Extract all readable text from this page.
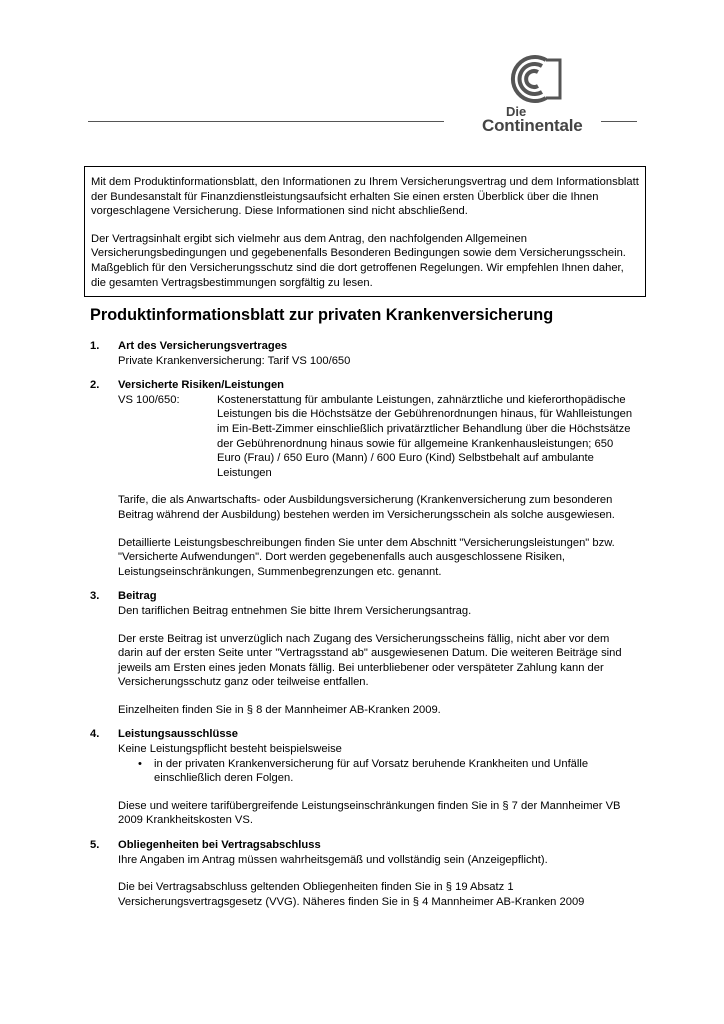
Die
Continentale

Mit dem Produktinformationsblatt, den Informationen zu Ihrem Versicherungsvertrag und dem Informationsblatt der Bundesanstalt für Finanzdienstleistungsaufsicht erhalten Sie einen ersten Überblick über die Ihnen vorgeschlagene Versicherung. Diese Informationen sind nicht abschließend.

Der Vertragsinhalt ergibt sich vielmehr aus dem Antrag, den nachfolgenden Allgemeinen Versicherungsbedingungen und gegebenenfalls Besonderen Bedingungen sowie dem Versicherungsschein. Maßgeblich für den Versicherungsschutz sind die dort getroffenen Regelungen. Wir empfehlen Ihnen daher, die gesamten Vertragsbestimmungen sorgfältig zu lesen.

Produktinformationsblatt zur privaten Krankenversicherung
1. Art des Versicherungsvertrages

Private Krankenversicherung: Tarif VS 100/650

2. Versicherte Risiken/Leistungen
VS 100/650:	Kostenerstattung für ambulante Leistungen, zahnärztliche und kieferorthopädische Leistungen bis die Höchstsätze der Gebührenordnungen hinaus, für Wahlleistungen im Ein-Bett-Zimmer einschließlich privatärztlicher Behandlung über die Höchstsätze der Gebührenordnung hinaus sowie für allgemeine Krankenhausleistungen; 650 Euro (Frau) / 650 Euro (Mann) / 600 Euro (Kind) Selbstbehalt auf ambulante Leistungen

Tarife, die als Anwartschafts- oder Ausbildungsversicherung (Krankenversicherung zum besonderen Beitrag während der Ausbildung) bestehen werden im Versicherungsschein als solche ausgewiesen.

Detaillierte Leistungsbeschreibungen finden Sie unter dem Abschnitt "Versicherungsleistungen" bzw. "Versicherte Aufwendungen". Dort werden gegebenenfalls auch ausgeschlossene Risiken, Leistungseinschränkungen, Summenbegrenzungen etc. genannt.

3. Beitrag

Den tariflichen Beitrag entnehmen Sie bitte Ihrem Versicherungsantrag.

Der erste Beitrag ist unverzüglich nach Zugang des Versicherungsscheins fällig, nicht aber vor dem darin auf der ersten Seite unter "Vertragsstand ab" ausgewiesenen Datum. Die weiteren Beiträge sind jeweils am Ersten eines jeden Monats fällig. Bei unterbliebener oder verspäteter Zahlung kann der Versicherungsschutz ganz oder teilweise entfallen.

Einzelheiten finden Sie in § 8 der Mannheimer AB-Kranken 2009.

4. Leistungsausschlüsse

Keine Leistungspflicht besteht beispielsweise

• in der privaten Krankenversicherung für auf Vorsatz beruhende Krankheiten und Unfälle einschließlich deren Folgen.

Diese und weitere tarifübergreifende Leistungseinschränkungen finden Sie in § 7 der Mannheimer VB 2009 Krankheitskosten VS.

5. Obliegenheiten bei Vertragsabschluss

Ihre Angaben im Antrag müssen wahrheitsgemäß und vollständig sein (Anzeigepflicht).

Die bei Vertragsabschluss geltenden Obliegenheiten finden Sie in § 19 Absatz 1 Versicherungsvertragsgesetz (VVG). Näheres finden Sie in § 4 Mannheimer AB-Kranken 2009
